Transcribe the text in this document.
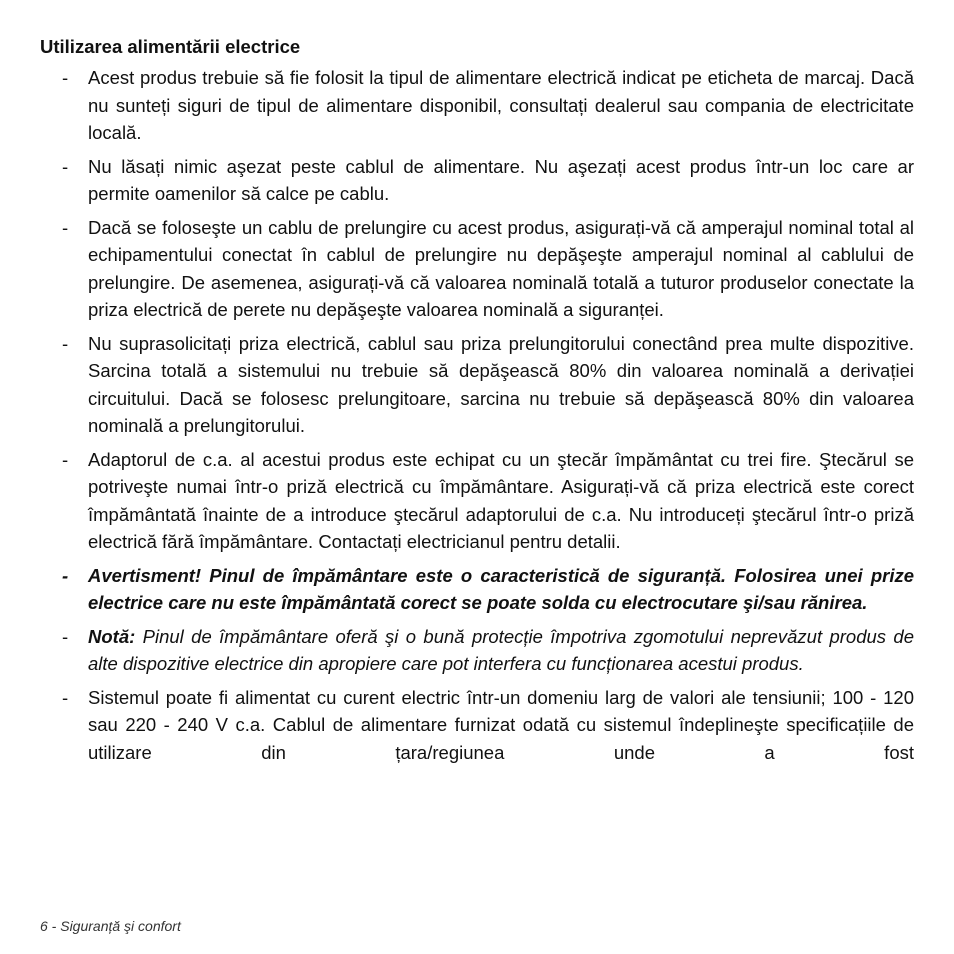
Utilizarea alimentării electrice
- Acest produs trebuie să fie folosit la tipul de alimentare electrică indicat pe eticheta de marcaj. Dacă nu sunteți siguri de tipul de alimentare disponibil, consultați dealerul sau compania de electricitate locală.
- Nu lăsați nimic aşezat peste cablul de alimentare. Nu aşezați acest produs într-un loc care ar permite oamenilor să calce pe cablu.
- Dacă se foloseşte un cablu de prelungire cu acest produs, asigurați-vă că amperajul nominal total al echipamentului conectat în cablul de prelungire nu depăşeşte amperajul nominal al cablului de prelungire. De asemenea, asigurați-vă că valoarea nominală totală a tuturor produselor conectate la priza electrică de perete nu depăşeşte valoarea nominală a siguranței.
- Nu suprasolicitați priza electrică, cablul sau priza prelungitorului conectând prea multe dispozitive. Sarcina totală a sistemului nu trebuie să depăşească 80% din valoarea nominală a derivației circuitului. Dacă se folosesc prelungitoare, sarcina nu trebuie să depăşească 80% din valoarea nominală a prelungitorului.
- Adaptorul de c.a. al acestui produs este echipat cu un ştecăr împământat cu trei fire. Ştecărul se potriveşte numai într-o priză electrică cu împământare. Asigurați-vă că priza electrică este corect împământată înainte de a introduce ştecărul adaptorului de c.a. Nu introduceți ştecărul într-o priză electrică fără împământare. Contactați electricianul pentru detalii.
- Avertisment! Pinul de împământare este o caracteristică de siguranță. Folosirea unei prize electrice care nu este împământată corect se poate solda cu electrocutare şi/sau rănirea.
- Notă: Pinul de împământare oferă şi o bună protecție împotriva zgomotului neprevăzut produs de alte dispozitive electrice din apropiere care pot interfera cu funcționarea acestui produs.
- Sistemul poate fi alimentat cu curent electric într-un domeniu larg de valori ale tensiunii; 100 - 120 sau 220 - 240 V c.a. Cablul de alimentare furnizat odată cu sistemul îndeplineşte specificațiile de utilizare din țara/regiunea unde a fost
6 - Siguranță şi confort
